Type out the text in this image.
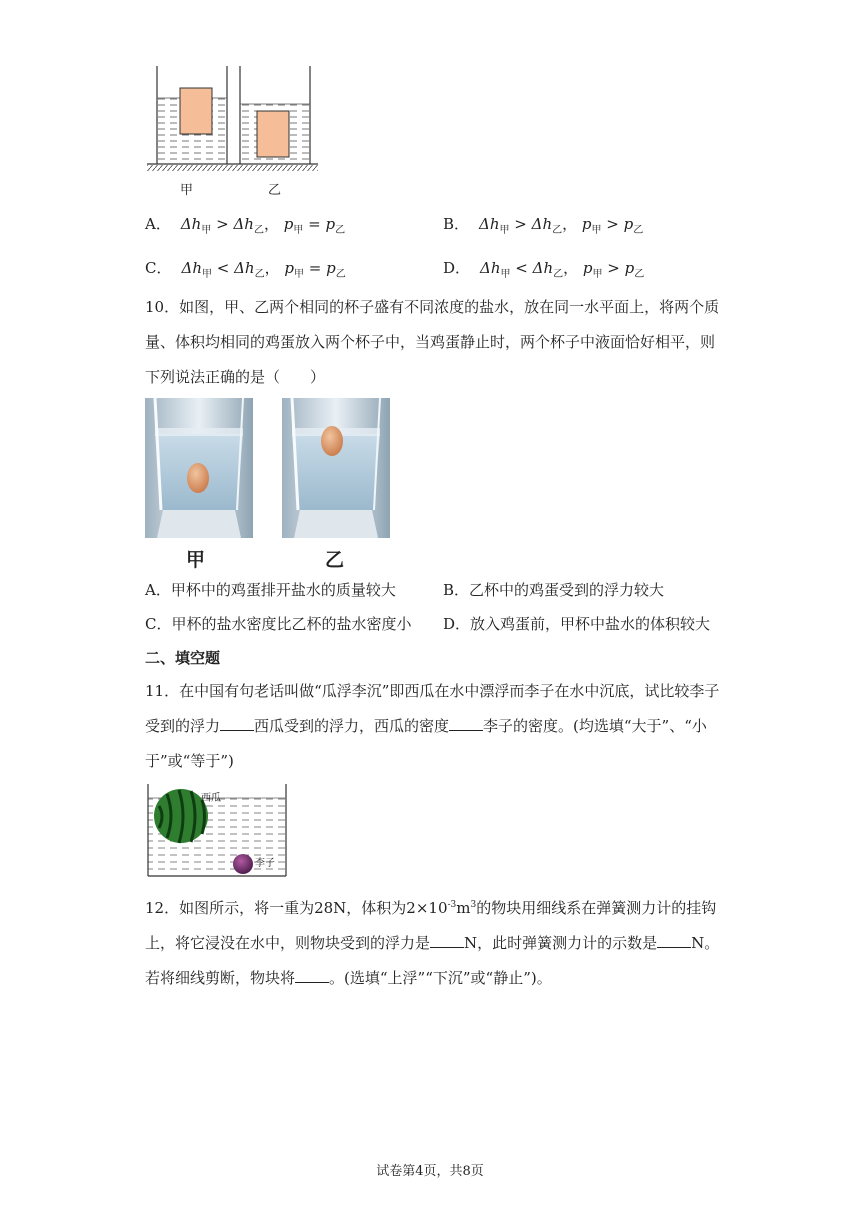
甲	乙
A． $\Delta h_甲 > \Delta h_乙$， $p_甲 = p_乙$	B． $\Delta h_甲 > \Delta h_乙$， $p_甲 > p_乙$
C． $\Delta h_甲 < \Delta h_乙$， $p_甲 = p_乙$	D． $\Delta h_甲 < \Delta h_乙$， $p_甲 > p_乙$
10．如图，甲、乙两个相同的杯子盛有不同浓度的盐水，放在同一水平面上，将两个质量、体积均相同的鸡蛋放入两个杯子中，当鸡蛋静止时，两个杯子中液面恰好相平，则下列说法正确的是（　　）
甲	乙
A．甲杯中的鸡蛋排开盐水的质量较大	B．乙杯中的鸡蛋受到的浮力较大
C．甲杯的盐水密度比乙杯的盐水密度小 D．放入鸡蛋前，甲杯中盐水的体积较大
二、填空题
11．在中国有句老话叫做“瓜浮李沉”即西瓜在水中漂浮而李子在水中沉底，试比较李子受到的浮力 西瓜受到的浮力，西瓜的密度 李子的密度。(均选填“大于”、“小于”或“等于”)
西瓜
李子
12．如图所示，将一重为28N，体积为$2\times 10^{-3}m^3$的物块用细线系在弹簧测力计的挂钩上，将它浸没在水中，则物块受到的浮力是 N，此时弹簧测力计的示数是 N。若将细线剪断，物块将 。(选填“上浮”“下沉”或“静止”)。
试卷第4页，共8页
